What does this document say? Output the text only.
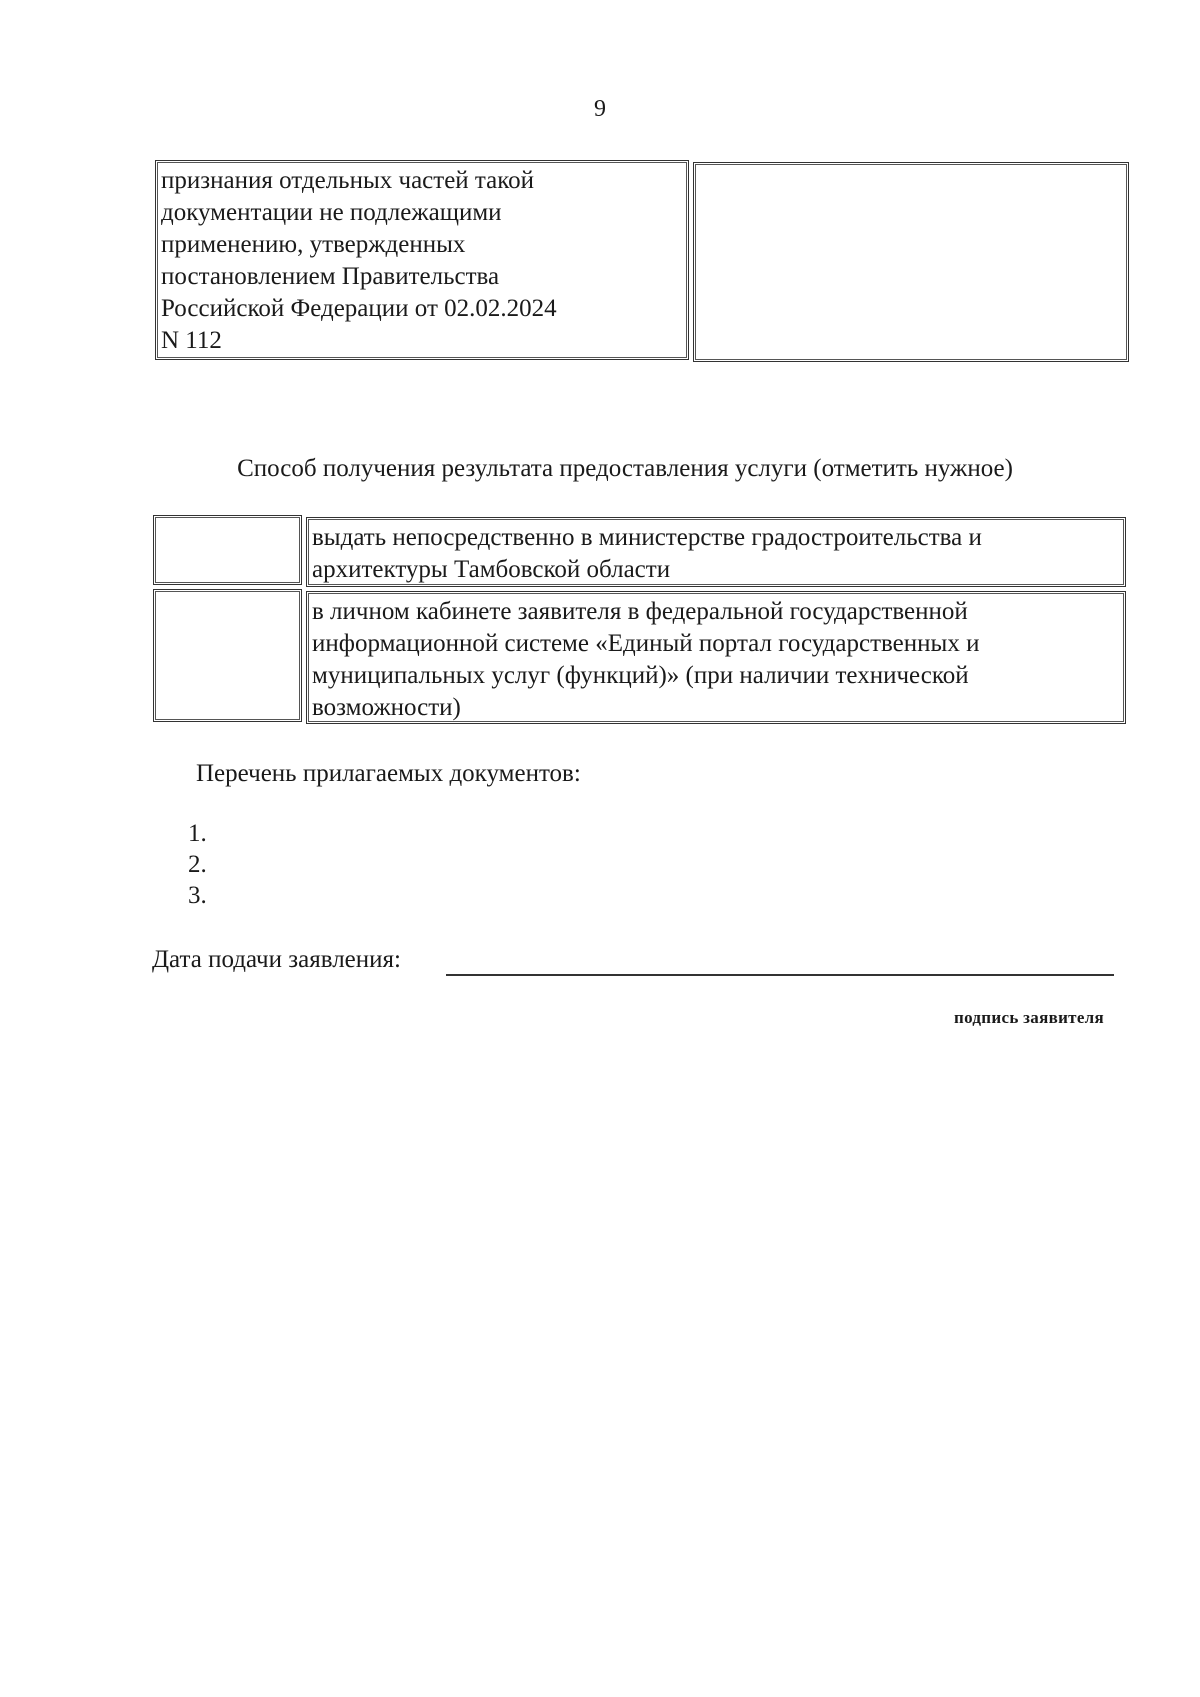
9
признания отдельных частей такой
документации не подлежащими
применению, утвержденных
постановлением Правительства
Российской Федерации от 02.02.2024
N 112
Способ получения результата предоставления услуги (отметить нужное)
выдать непосредственно в министерстве градостроительства и
архитектуры Тамбовской области
в личном кабинете заявителя в федеральной государственной
информационной системе «Единый портал государственных и
муниципальных услуг (функций)» (при наличии технической
возможности)
Перечень прилагаемых документов:
1.
2.
3.
Дата подачи заявления:
подпись заявителя
